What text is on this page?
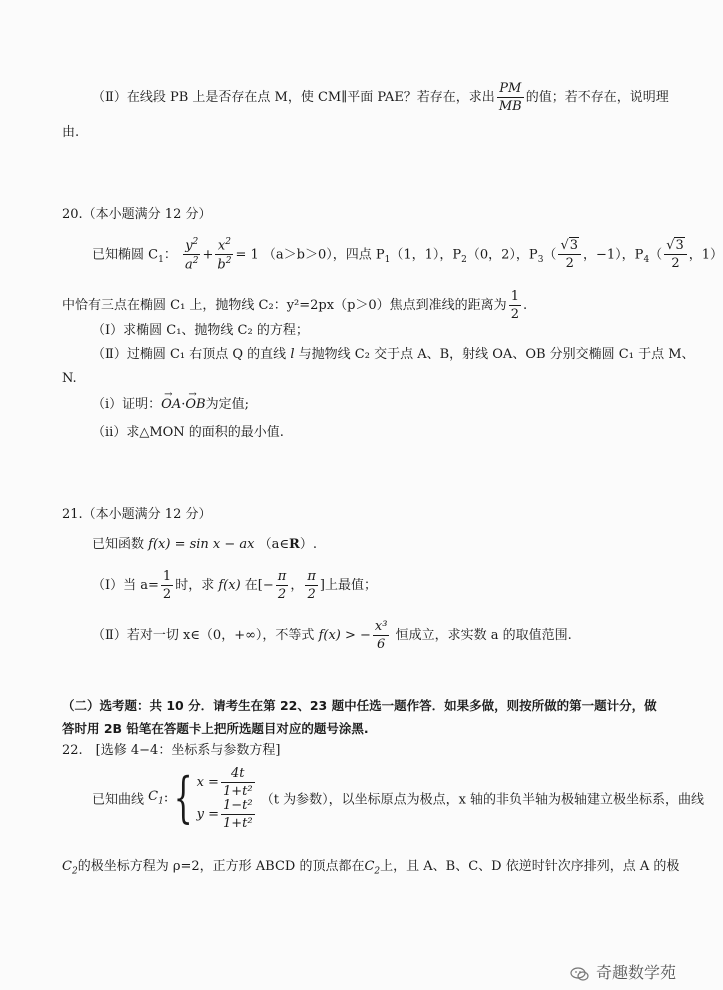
（Ⅱ）在线段 PB 上是否存在点 M，使 CM∥平面 PAE？若存在，求出 $\frac{PM}{MB}$ 的值；若不存在，说明理
由.
20.（本小题满分 12 分）
已知椭圆 $C_1$： $\frac{y^2}{a^2} + \frac{x^2}{b^2} = 1$ （a＞b＞0），四点 $P_1(1$，1），$P_2(0$，2），$P_3( \frac{√3}{2}$ ，−1），$P_4( \frac{√3}{2}$ ，1）
中恰有三点在椭圆 C₁ 上，抛物线 C₂：y²=2px（p＞0）焦点到准线的距离为 $\frac{1}{2}$ .
（Ⅰ）求椭圆 C₁、抛物线 C₂ 的方程；
（Ⅱ）过椭圆 C₁ 右顶点 Q 的直线 l 与抛物线 C₂ 交于点 A、B，射线 OA、OB 分别交椭圆 C₁ 于点 M、
N.
（i）证明：OA →·OB →为定值;
（ii）求△MON 的面积的最小值.
21.（本小题满分 12 分）
已知函数 f(x) = sin x − ax （a∈R）.
（Ⅰ）当 $a= \frac{1}{2}$ 时，求 f(x) 在[− $\frac{\pi}{2}$ ， $\frac{\pi}{2}$ ]上最值；
（Ⅱ）若对一切 x∈（0，+∞），不等式 f(x) > − $\frac{\text{x³}}{6}$ 恒成立，求实数 a 的取值范围.
（二）选考题：共 10 分．请考生在第 22、23 题中任选一题作答．如果多做，则按所做的第一题计分，做
答时用 2B 铅笔在答题卡上把所选题目对应的题号涂黑.
22.　[选修 4−4：坐标系与参数方程]
已知曲线 $C_1$: { $x = \frac{4t}{\text{1+t²}}$
$y = \frac{\text{1−t²}}{\text{1+t²}} (t$ 为参数），以坐标原点为极点，x 轴的非负半轴为极轴建立极坐标系，曲线
$C_2$的极坐标方程为 ρ=2，正方形 ABCD 的顶点都在$C_2$上，且 A、B、C、D 依逆时针次序排列，点 A 的极
奇趣数学苑
